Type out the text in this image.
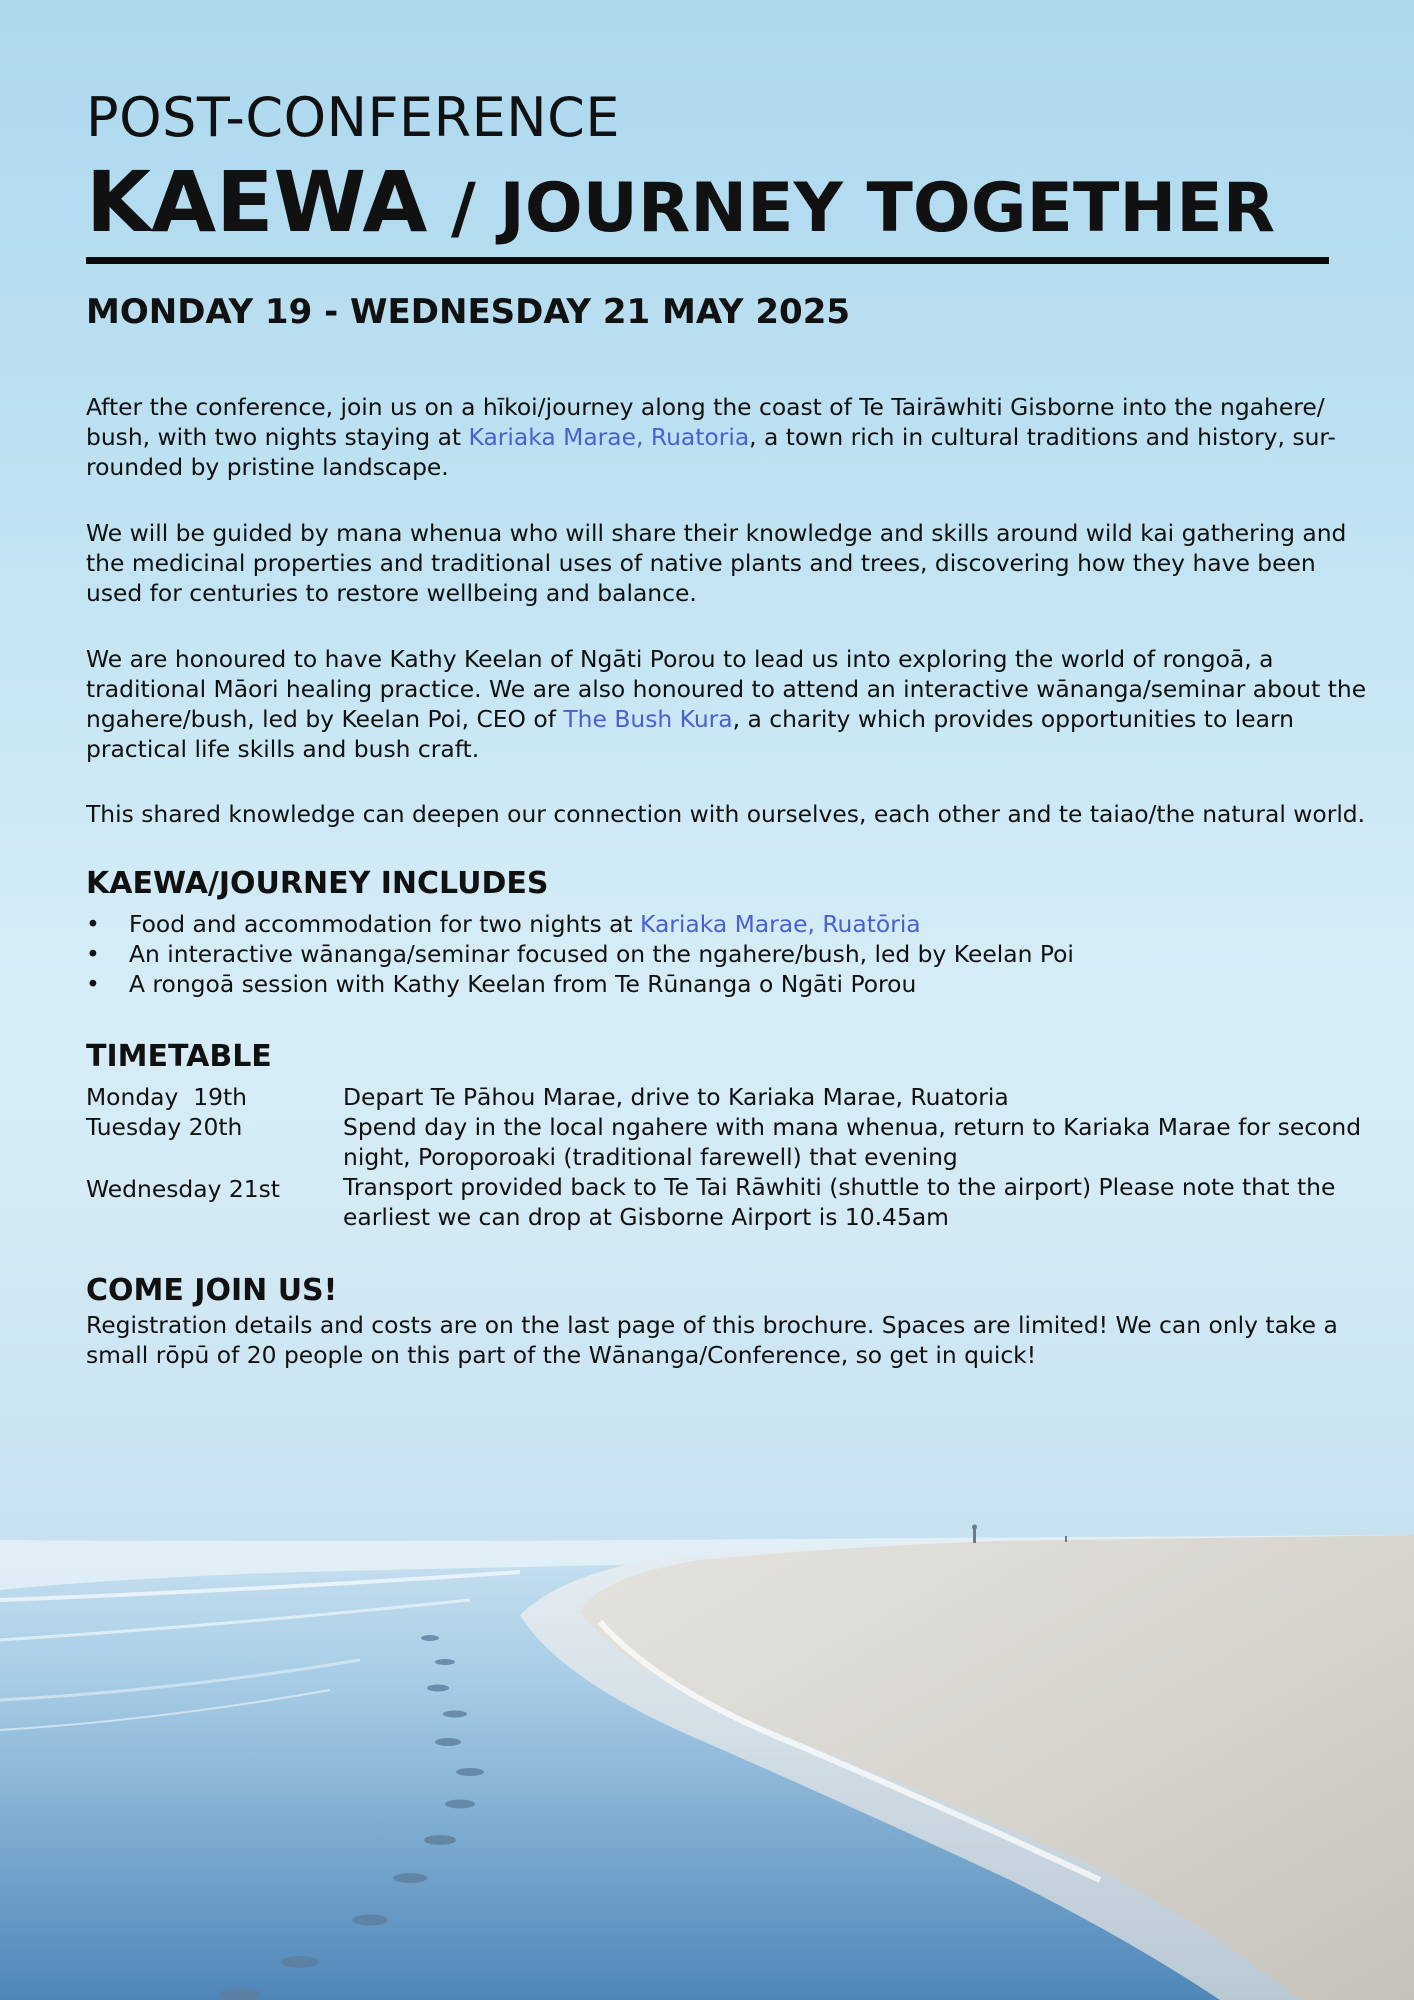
POST-CONFERENCE
KAEWA / JOURNEY TOGETHER
MONDAY 19 - WEDNESDAY 21 MAY 2025

After the conference, join us on a hīkoi/journey along the coast of Te Tairāwhiti Gisborne into the ngahere/ bush, with two nights staying at Kariaka Marae, Ruatoria, a town rich in cultural traditions and history, sur- rounded by pristine landscape.

We will be guided by mana whenua who will share their knowledge and skills around wild kai gathering and the medicinal properties and traditional uses of native plants and trees, discovering how they have been used for centuries to restore wellbeing and balance.

We are honoured to have Kathy Keelan of Ngāti Porou to lead us into exploring the world of rongoā, a traditional Māori healing practice. We are also honoured to attend an interactive wānanga/seminar about the ngahere/bush, led by Keelan Poi, CEO of The Bush Kura, a charity which provides opportunities to learn practical life skills and bush craft.

This shared knowledge can deepen our connection with ourselves, each other and te taiao/the natural world.

KAEWA/JOURNEY INCLUDES
• Food and accommodation for two nights at Kariaka Marae, Ruatōria
• An interactive wānanga/seminar focused on the ngahere/bush, led by Keelan Poi
• A rongoā session with Kathy Keelan from Te Rūnanga o Ngāti Porou
TIMETABLE
Monday  19th	Depart Te Pāhou Marae, drive to Kariaka Marae, Ruatoria
Tuesday 20th	Spend day in the local ngahere with mana whenua, return to Kariaka Marae for second night, Poroporoaki (traditional farewell) that evening
Wednesday 21st	Transport provided back to Te Tai Rāwhiti (shuttle to the airport) Please note that the earliest we can drop at Gisborne Airport is 10.45am
COME JOIN US!

Registration details and costs are on the last page of this brochure. Spaces are limited! We can only take a small rōpū of 20 people on this part of the Wānanga/Conference, so get in quick!
